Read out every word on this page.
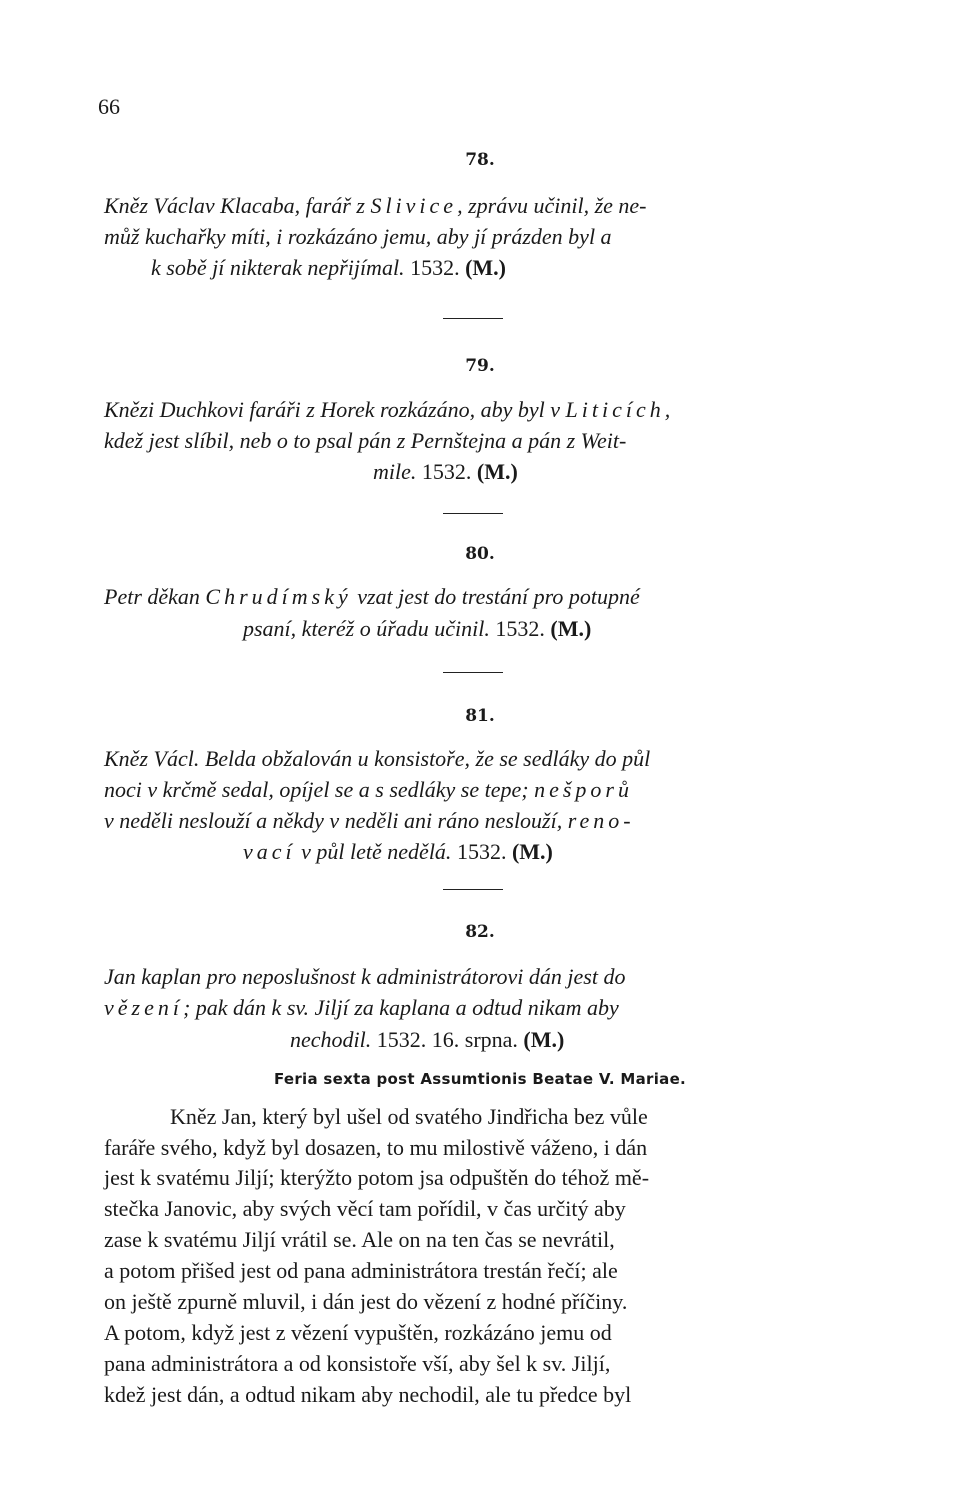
66
78.
Kněz Václav Klacaba, farář z Slivice, zprávu učinil, že ne-
můž kuchařky míti, i rozkázáno jemu, aby jí prázden byl a
k sobě jí nikterak nepřijímal. 1532. (M.)
79.
Knězi Duchkovi faráři z Horek rozkázáno, aby byl v Liticích,
kdež jest slíbil, neb o to psal pán z Pernštejna a pán z Weit-
mile. 1532. (M.)
80.
Petr děkan Chrudímský vzat jest do trestání pro potupné
psaní, kteréž o úřadu učinil. 1532. (M.)
81.
Kněz Václ. Belda obžalován u konsistoře, že se sedláky do půl
noci v krčmě sedal, opíjel se a s sedláky se tepe; nešporů
v neděli neslouží a někdy v neděli ani ráno neslouží, reno-
vací v půl letě nedělá. 1532. (M.)
82.
Jan kaplan pro neposlušnost k administrátorovi dán jest do
vězení; pak dán k sv. Jiljí za kaplana a odtud nikam aby
nechodil. 1532. 16. srpna. (M.)
Feria sexta post Assumtionis Beatae V. Mariae.
Kněz Jan, který byl ušel od svatého Jindřicha bez vůle
faráře svého, když byl dosazen, to mu milostivě váženo, i dán
jest k svatému Jiljí; kterýžto potom jsa odpuštěn do téhož mě-
stečka Janovic, aby svých věcí tam pořídil, v čas určitý aby
zase k svatému Jiljí vrátil se. Ale on na ten čas se nevrátil,
a potom přišed jest od pana administrátora trestán řečí; ale
on ještě zpurně mluvil, i dán jest do vězení z hodné příčiny.
A potom, když jest z vězení vypuštěn, rozkázáno jemu od
pana administrátora a od konsistoře vší, aby šel k sv. Jiljí,
kdež jest dán, a odtud nikam aby nechodil, ale tu předce byl
